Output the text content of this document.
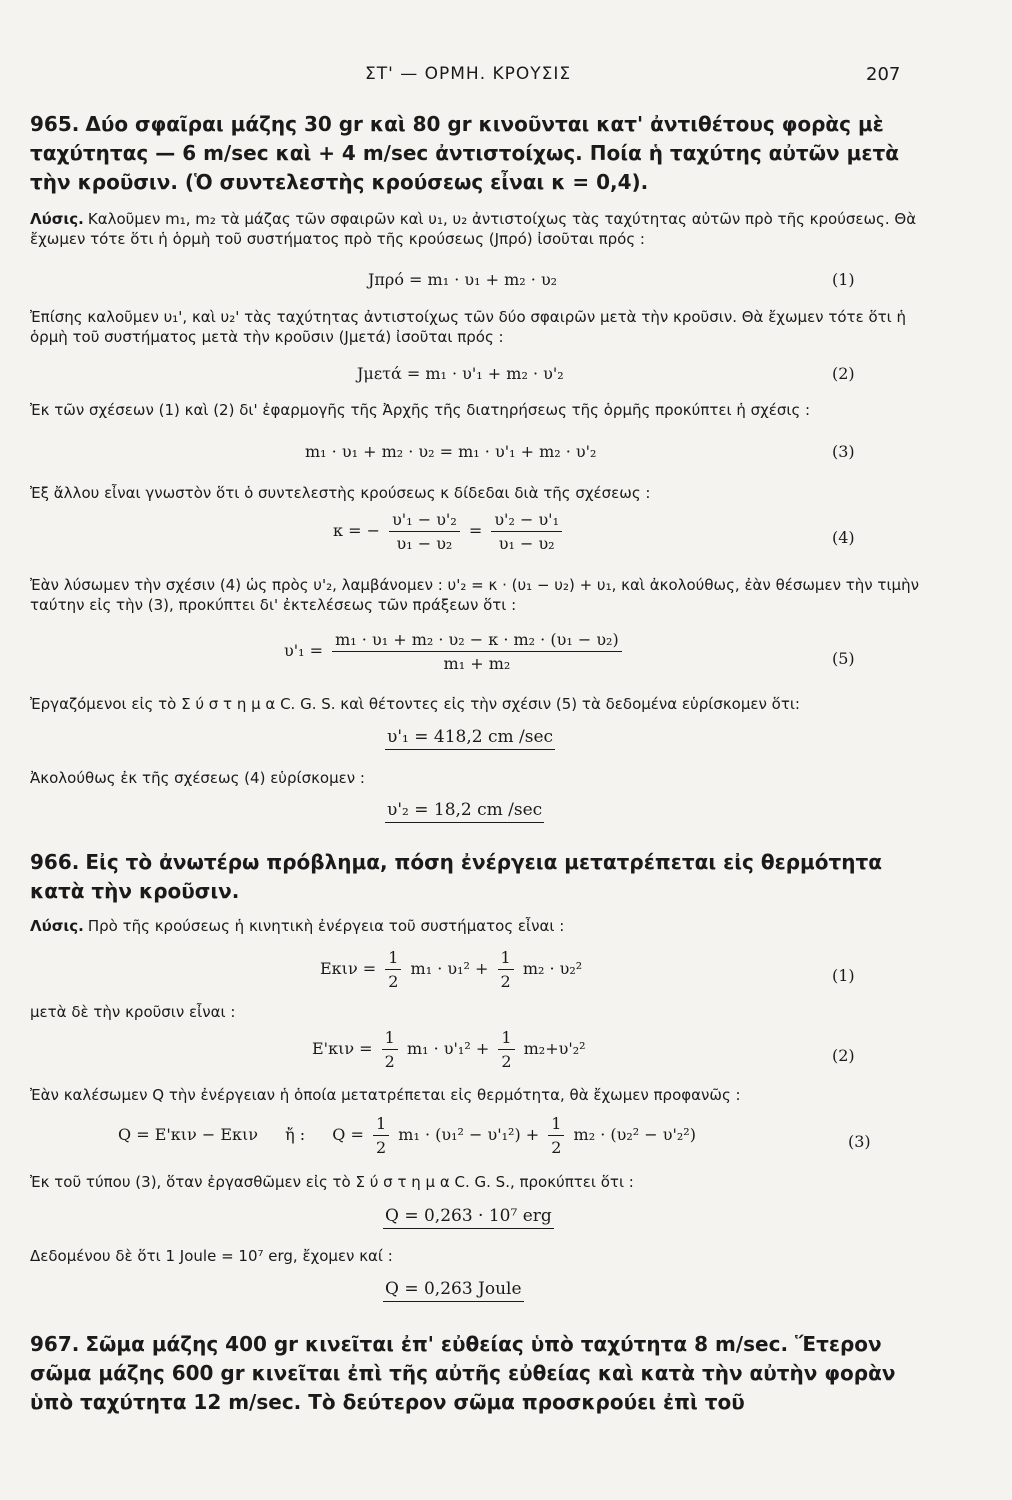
ΣΤ' — ΟΡΜΗ. ΚΡΟΥΣΙΣ	207
965. Δύο σφαῖραι μάζης 30 gr καὶ 80 gr κινοῦνται κατ' ἀντιθέτους φορὰς μὲ ταχύτητας — 6 m/sec καὶ + 4 m/sec ἀντιστοίχως. Ποία ἡ ταχύτης αὐτῶν μετὰ τὴν κροῦσιν. (Ὁ συντελεστὴς κρούσεως εἶναι κ = 0,4).
Λύσις. Καλοῦμεν m₁, m₂ τὰ μάζας τῶν σφαιρῶν καὶ υ₁, υ₂ ἀντιστοίχως τὰς ταχύτητας αὐτῶν πρὸ τῆς κρούσεως. Θὰ ἔχωμεν τότε ὅτι ἡ ὁρμὴ τοῦ συστήματος πρὸ τῆς κρούσεως (Jπρό) ἰσοῦται πρός :
Jπρό = m₁ · υ₁ + m₂ · υ₂	(1)
Ἐπίσης καλοῦμεν υ₁', καὶ υ₂' τὰς ταχύτητας ἀντιστοίχως τῶν δύο σφαιρῶν μετὰ τὴν κροῦσιν. Θὰ ἔχωμεν τότε ὅτι ἡ ὁρμὴ τοῦ συστήματος μετὰ τὴν κροῦσιν (Jμετά) ἰσοῦται πρός :
Jμετά = m₁ · υ'₁ + m₂ · υ'₂	(2)
Ἐκ τῶν σχέσεων (1) καὶ (2) δι' ἐφαρμογῆς τῆς Ἀρχῆς τῆς διατηρήσεως τῆς ὁρμῆς προκύπτει ἡ σχέσις :
m₁ · υ₁ + m₂ · υ₂ = m₁ · υ'₁ + m₂ · υ'₂	(3)
Ἐξ ἄλλου εἶναι γνωστὸν ὅτι ὁ συντελεστὴς κρούσεως κ δίδεδαι διὰ τῆς σχέσεως :
κ = − $\frac{\text{υ'₁ − υ'₂}}{\text{υ₁ − υ₂}} = \frac{\text{υ'₂ − υ'₁}}{\text{υ₁ − υ₂}}$	(4)
Ἐὰν λύσωμεν τὴν σχέσιν (4) ὡς πρὸς υ'₂, λαμβάνομεν : υ'₂ = κ · (υ₁ − υ₂) + υ₁, καὶ ἀκολούθως, ἐὰν θέσωμεν τὴν τιμὴν ταύτην εἰς τὴν (3), προκύπτει δι' ἐκτελέσεως τῶν πράξεων ὅτι :
$\upsilon'_1 = \frac{\text{m₁ · υ₁ + m₂ · υ₂ − κ · m₂ · (υ₁ − υ₂)}}{\text{m₁ + m₂}}$	(5)
Ἐργαζόμενοι εἰς τὸ Σ ύ σ τ η μ α C. G. S. καὶ θέτοντες εἰς τὴν σχέσιν (5) τὰ δεδομένα εὑρίσκομεν ὅτι:
υ'₁ = 418,2 cm /sec
Ἀκολούθως ἐκ τῆς σχέσεως (4) εὑρίσκομεν :
υ'₂ = 18,2 cm /sec
966. Εἰς τὸ ἀνωτέρω πρόβλημα, πόση ἐνέργεια μετατρέπεται εἰς θερμότητα κατὰ τὴν κροῦσιν.
Λύσις. Πρὸ τῆς κρούσεως ἡ κινητικὴ ἐνέργεια τοῦ συστήματος εἶναι :
$E\kappa\iota\nu = \frac{1}{2} m_1 \cdot \upsilon_1^2 + \frac{1}{2} m_2 \cdot \upsilon_2^2$	(1)
μετὰ δὲ τὴν κροῦσιν εἶναι :
$E'\kappa\iota\nu = \frac{1}{2} m_1 \cdot \upsilon'_1^2 + \frac{1}{2} m_2+\upsilon'_2^2$	(2)
Ἐὰν καλέσωμεν Q τὴν ἐνέργειαν ἡ ὁποία μετατρέπεται εἰς θερμότητα, θὰ ἔχωμεν προφανῶς :
Q = E'κιν − Eκιν ἤ : $Q = \frac{1}{2} m_1 \cdot (\upsilon_1^2 - \upsilon'_1^2) + \frac{1}{2} m_2 \cdot (\upsilon_2^2 - \upsilon'_2^2)$	(3)
Ἐκ τοῦ τύπου (3), ὅταν ἐργασθῶμεν εἰς τὸ Σ ύ σ τ η μ α C. G. S., προκύπτει ὅτι :
Q = 0,263 · 10⁷ erg
Δεδομένου δὲ ὅτι 1 Joule = 10⁷ erg, ἔχομεν καί :
Q = 0,263 Joule
967. Σῶμα μάζης 400 gr κινεῖται ἐπ' εὐθείας ὑπὸ ταχύτητα 8 m/sec. Ἕτερον σῶμα μάζης 600 gr κινεῖται ἐπὶ τῆς αὐτῆς εὐθείας καὶ κατὰ τὴν αὐτὴν φορὰν ὑπὸ ταχύτητα 12 m/sec. Τὸ δεύτερον σῶμα προσκρούει ἐπὶ τοῦ
